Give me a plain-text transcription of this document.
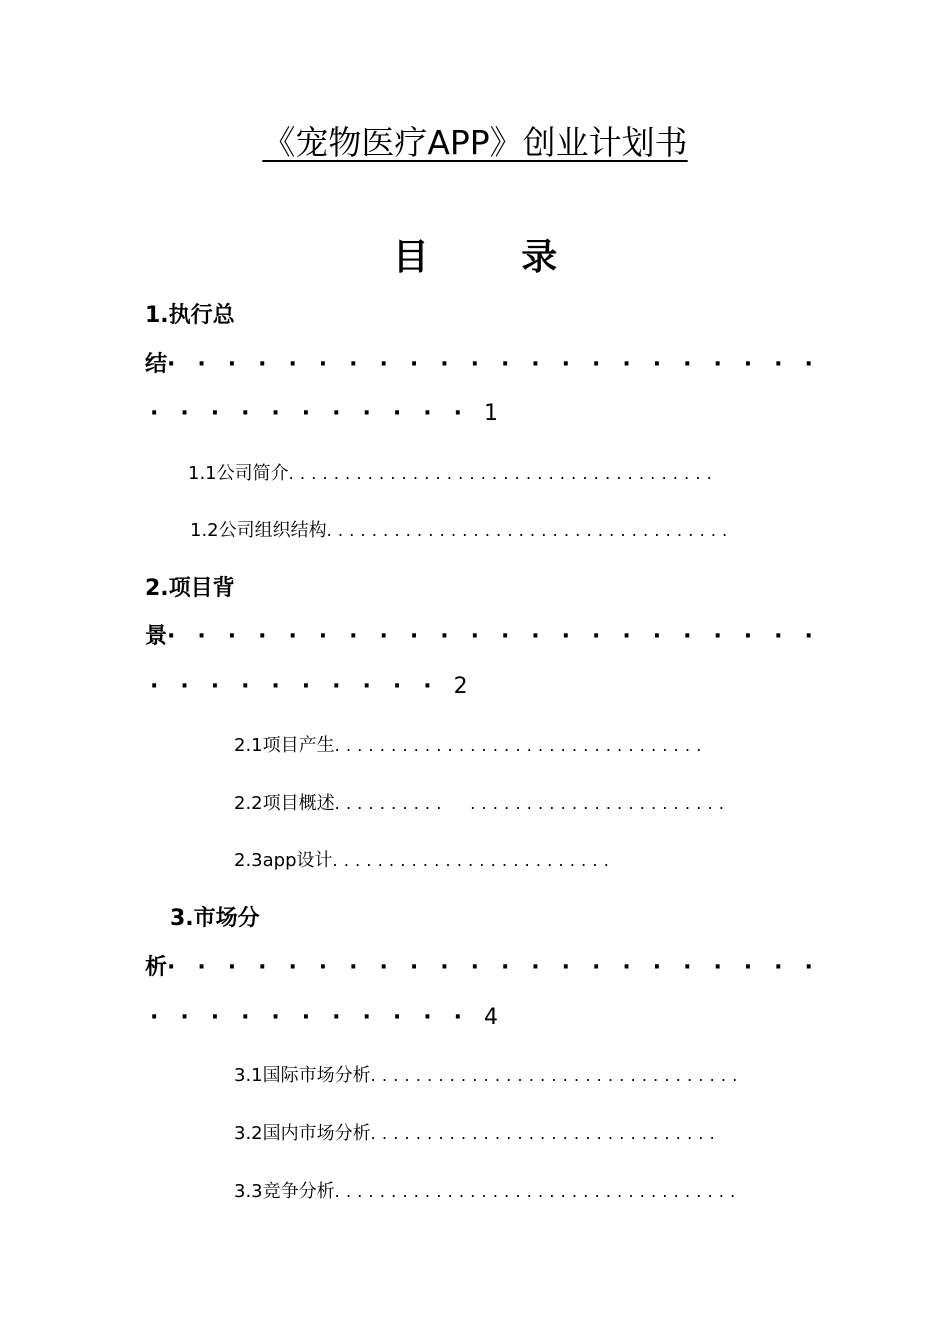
《宠物医疗APP》创业计划书
目 录
1.执行总
结······················
···········1
1.1公司简介......................................
1.2公司组织结构....................................
2.项目背
景······················
··········2
2.1项目产生.................................
2.2项目概述..........  .......................
2.3app设计.........................
3.市场分
析······················
···········4
3.1国际市场分析.................................
3.2国内市场分析...............................
3.3竞争分析....................................
